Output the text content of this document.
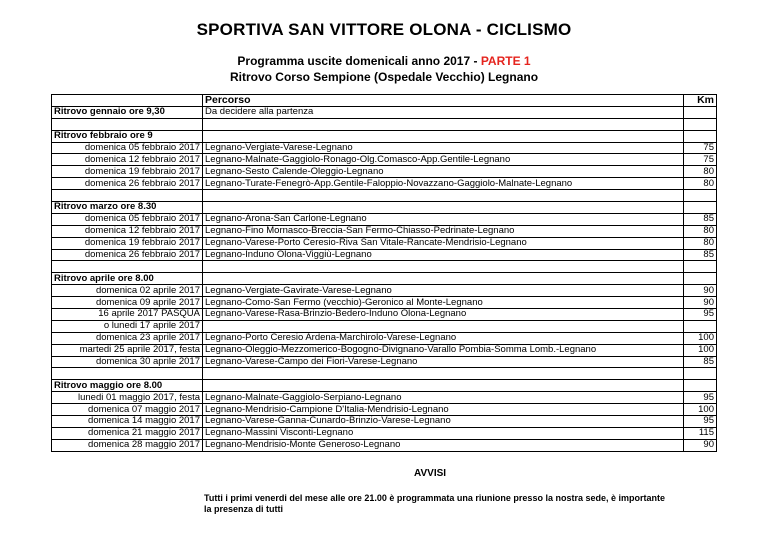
SPORTIVA SAN VITTORE OLONA - CICLISMO
Programma uscite domenicali anno 2017 - PARTE 1
Ritrovo Corso Sempione (Ospedale Vecchio) Legnano
	Percorso	Km
Ritrovo gennaio ore 9,30	Da decidere alla partenza	

Ritrovo febbraio ore 9		
domenica 05 febbraio 2017	Legnano-Vergiate-Varese-Legnano	75
domenica 12 febbraio 2017	Legnano-Malnate-Gaggiolo-Ronago-Olg.Comasco-App.Gentile-Legnano	75
domenica 19 febbraio 2017	Legnano-Sesto Calende-Oleggio-Legnano	80
domenica 26 febbraio 2017	Legnano-Turate-Fenegrò-App.Gentile-Faloppio-Novazzano-Gaggiolo-Malnate-Legnano	80

Ritrovo marzo ore 8.30		
domenica 05 febbraio 2017	Legnano-Arona-San Carlone-Legnano	85
domenica 12 febbraio 2017	Legnano-Fino Mornasco-Breccia-San Fermo-Chiasso-Pedrinate-Legnano	80
domenica 19 febbraio 2017	Legnano-Varese-Porto Ceresio-Riva San Vitale-Rancate-Mendrisio-Legnano	80
domenica 26 febbraio 2017	Legnano-Induno Olona-Viggiù-Legnano	85

Ritrovo aprile ore 8.00		
domenica 02 aprile 2017	Legnano-Vergiate-Gavirate-Varese-Legnano	90
domenica 09 aprile 2017	Legnano-Como-San Fermo (vecchio)-Geronico al Monte-Legnano	90
16 aprile 2017 PASQUA	Legnano-Varese-Rasa-Brinzio-Bedero-Induno Olona-Legnano	95
o lunedi 17 aprile 2017		
domenica 23 aprile 2017	Legnano-Porto Ceresio Ardena-Marchirolo-Varese-Legnano	100
martedi 25 aprile 2017, festa	Legnano-Oleggio-Mezzomerico-Bogogno-Divignano-Varallo Pombia-Somma Lomb.-Legnano	100
domenica 30 aprile 2017	Legnano-Varese-Campo dei Fiori-Varese-Legnano	85

Ritrovo maggio ore 8.00		
lunedi 01 maggio 2017, festa	Legnano-Malnate-Gaggiolo-Serpiano-Legnano	95
domenica 07 maggio 2017	Legnano-Mendrisio-Campione D'Italia-Mendrisio-Legnano	100
domenica 14 maggio 2017	Legnano-Varese-Ganna-Cunardo-Brinzio-Varese-Legnano	95
domenica 21 maggio 2017	Legnano-Massini Visconti-Legnano	115
domenica 28 maggio 2017	Legnano-Mendrisio-Monte Generoso-Legnano	90
AVVISI
Tutti i primi venerdi del mese alle ore 21.00 è programmata una riunione presso la nostra sede, è importante la presenza di tutti
